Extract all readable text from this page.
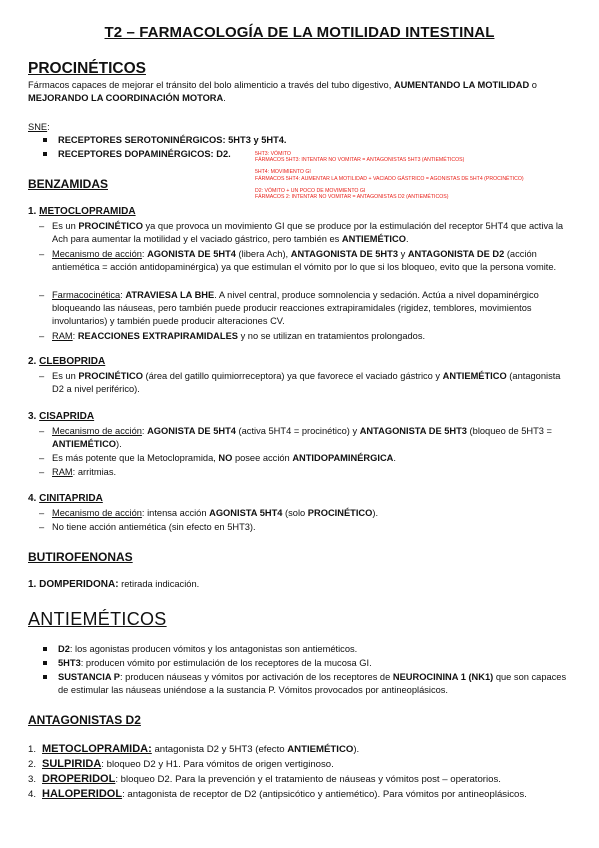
T2 – FARMACOLOGÍA DE LA MOTILIDAD INTESTINAL
PROCINÉTICOS
Fármacos capaces de mejorar el tránsito del bolo alimenticio a través del tubo digestivo, AUMENTANDO LA MOTILIDAD o MEJORANDO LA COORDINACIÓN MOTORA.
SNE:
RECEPTORES SEROTONINÉRGICOS: 5HT3 y 5HT4.
RECEPTORES DOPAMINÉRGICOS: D2.	5HT3: VÓMITO
FÁRMACOS 5HT3: INTENTAR NO VOMITAR = ANTAGONISTAS 5HT3 (ANTIEMÉTICOS)
5HT4: MOVIMIENTO GI
FÁRMACOS 5HT4: AUMENTAR LA MOTILIDAD + VACIADO GÁSTRICO = AGONISTAS DE 5HT4 (PROCINÉTICO)
D2: VÓMITO + UN POCO DE MOVIMIENTO GI
FÁRMACOS 2: INTENTAR NO VOMITAR = ANTAGONISTAS D2 (ANTIEMÉTICOS)
BENZAMIDAS
1. METOCLOPRAMIDA
– Es un PROCINÉTICO ya que provoca un movimiento GI que se produce por la estimulación del receptor 5HT4 que activa la Ach para aumentar la motilidad y el vaciado gástrico, pero también es ANTIEMÉTICO.
– Mecanismo de acción: AGONISTA DE 5HT4 (libera Ach), ANTAGONISTA DE 5HT3 y ANTAGONISTA DE D2 (acción antiemética = acción antidopaminérgica) ya que estimulan el vómito por lo que si los bloqueo, evito que la persona vomite.
– Farmacocinética: ATRAVIESA LA BHE. A nivel central, produce somnolencia y sedación. Actúa a nivel dopaminérgico bloqueando las náuseas, pero también puede producir reacciones extrapiramidales (rigidez, temblores, movimientos involuntarios) y también puede producir alteraciones CV.
– RAM: REACCIONES EXTRAPIRAMIDALES y no se utilizan en tratamientos prolongados.
2. CLEBOPRIDA
– Es un PROCINÉTICO (área del gatillo quimiorreceptora) ya que favorece el vaciado gástrico y ANTIEMÉTICO (antagonista D2 a nivel periférico).
3. CISAPRIDA
– Mecanismo de acción: AGONISTA DE 5HT4 (activa 5HT4 = procinético) y ANTAGONISTA DE 5HT3 (bloqueo de 5HT3 = ANTIEMÉTICO).
– Es más potente que la Metoclopramida, NO posee acción ANTIDOPAMINÉRGICA.
– RAM: arritmias.
4. CINITAPRIDA
– Mecanismo de acción: intensa acción AGONISTA 5HT4 (solo PROCINÉTICO).
– No tiene acción antiemética (sin efecto en 5HT3).
BUTIROFENONAS
1. DOMPERIDONA: retirada indicación.
ANTIEMÉTICOS
D2: los agonistas producen vómitos y los antagonistas son antieméticos.
5HT3: producen vómito por estimulación de los receptores de la mucosa GI.
SUSTANCIA P: producen náuseas y vómitos por activación de los receptores de NEUROCININA 1 (NK1) que son capaces de estimular las náuseas uniéndose a la sustancia P. Vómitos provocados por antineoplásicos.
ANTAGONISTAS D2
1. METOCLOPRAMIDA: antagonista D2 y 5HT3 (efecto ANTIEMÉTICO).
2. SULPIRIDA: bloqueo D2 y H1. Para vómitos de origen vertiginoso.
3. DROPERIDOL: bloqueo D2. Para la prevención y el tratamiento de náuseas y vómitos post – operatorios.
4. HALOPERIDOL: antagonista de receptor de D2 (antipsicótico y antiemético). Para vómitos por antineoplásicos.
